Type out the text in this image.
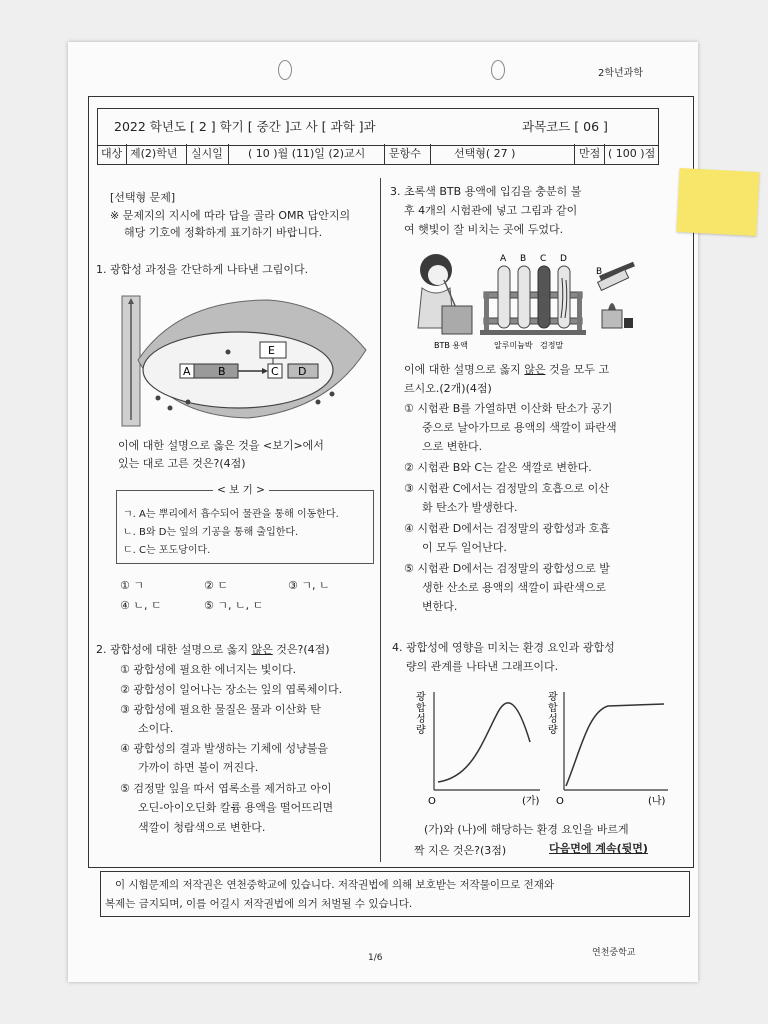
2학년과학
2022 학년도 [ 2 ] 학기 [ 중간 ]고 사 [ 과학 ]과	과목코드 [ 06 ]
대상 제(2)학년 실시일 ( 10 )월 (11)일 (2)교시 문항수	선택형( 27 )	만점 ( 100 )점
[선택형 문제]
※ 문제지의 지시에 따라 답을 골라 OMR 답안지의
해당 기호에 정확하게 표기하기 바랍니다.
1. 광합성 과정을 간단하게 나타낸 그림이다.
A B	C D
E
이에 대한 설명으로 옳은 것을 <보기>에서
있는 대로 고른 것은?(4점)
< 보 기 >
ㄱ. A는 뿌리에서 흡수되어 물관을 통해 이동한다.
ㄴ. B와 D는 잎의 기공을 통해 출입한다.
ㄷ. C는 포도당이다.
① ㄱ	② ㄷ	③ ㄱ, ㄴ
④ ㄴ, ㄷ	⑤ ㄱ, ㄴ, ㄷ
2. 광합성에 대한 설명으로 옳지 않은 것은?(4점)
① 광합성에 필요한 에너지는 빛이다.
② 광합성이 일어나는 장소는 잎의 엽록체이다.
③ 광합성에 필요한 물질은 물과 이산화 탄
소이다.
④ 광합성의 결과 발생하는 기체에 성냥불을
가까이 하면 불이 꺼진다.
⑤ 검정말 잎을 따서 엽록소를 제거하고 아이
오딘-아이오딘화 칼륨 용액을 떨어뜨리면
색깔이 청람색으로 변한다.
3. 초록색 BTB 용액에 입김을 충분히 불
후 4개의 시험관에 넣고 그림과 같이
여 햇빛이 잘 비치는 곳에 두었다.
BTB 용액
A B C D
알루미늄박 검정말
B
이에 대한 설명으로 옳지 않은 것을 모두 고
르시오.(2개)(4점)
① 시험관 B를 가열하면 이산화 탄소가 공기
중으로 날아가므로 용액의 색깔이 파란색
으로 변한다.
② 시험관 B와 C는 같은 색깔로 변한다.
③ 시험관 C에서는 검정말의 호흡으로 이산
화 탄소가 발생한다.
④ 시험관 D에서는 검정말의 광합성과 호흡
이 모두 일어난다.
⑤ 시험관 D에서는 검정말의 광합성으로 발
생한 산소로 용액의 색깔이 파란색으로
변한다.
4. 광합성에 영향을 미치는 환경 요인과 광합성
량의 관계를 나타낸 그래프이다.
광 합 성 량
O	(가)
광 합 성 량
O	(나)
(가)와 (나)에 해당하는 환경 요인을 바르게
짝 지은 것은?(3점)	다음면에 계속(뒷면)
이 시험문제의 저작권은 연천중학교에 있습니다. 저작권법에 의해 보호받는 저작물이므로 전재와
복제는 금지되며, 이를 어길시 저작권법에 의거 처벌될 수 있습니다.
1/6	연천중학교
